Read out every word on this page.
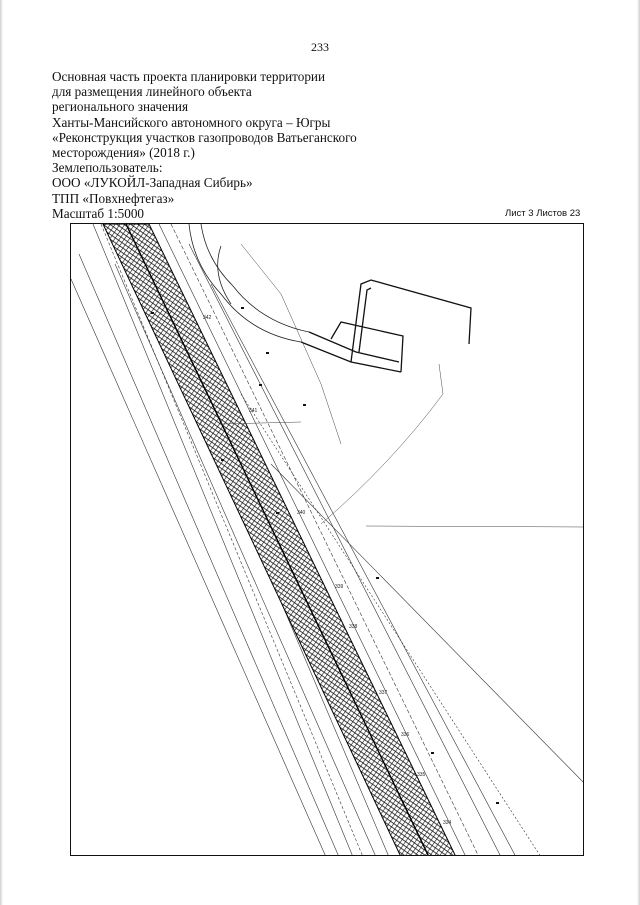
233
Основная часть проекта планировки территории
для размещения линейного объекта
регионального значения
Ханты-Мансийского автономного округа – Югры
«Реконструкция участков газопроводов Ватьеганского
месторождения» (2018 г.)
Землепользователь:
ООО «ЛУКОЙЛ-Западная Сибирь»
ТПП «Повхнефтегаз»
Масштаб 1:5000	Лист 3 Листов 23
342
341
340
339
338
337
336
335
334
